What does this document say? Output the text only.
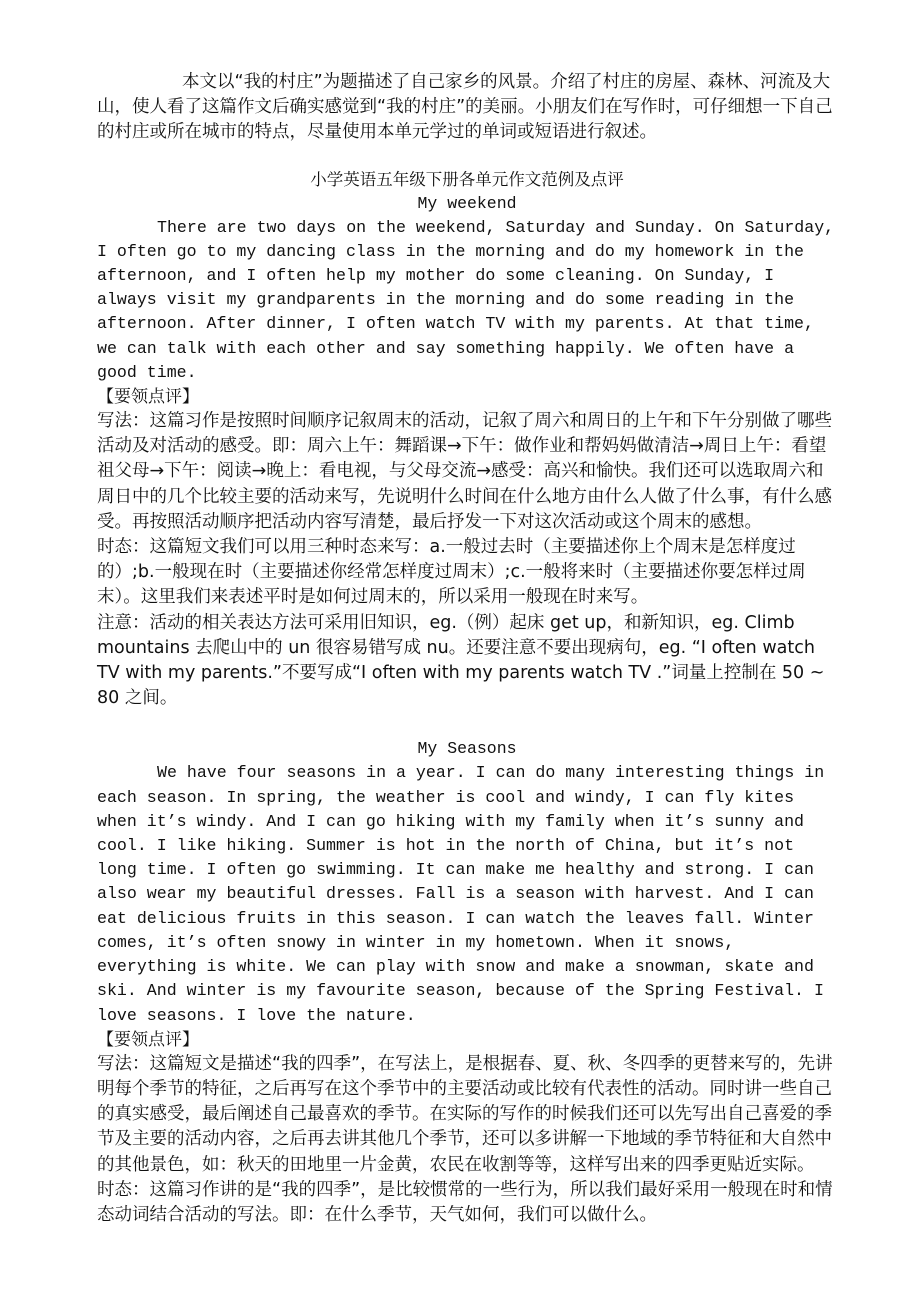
本文以“我的村庄”为题描述了自己家乡的风景。介绍了村庄的房屋、森林、河流及大山，使人看了这篇作文后确实感觉到“我的村庄”的美丽。小朋友们在写作时，可仔细想一下自己的村庄或所在城市的特点，尽量使用本单元学过的单词或短语进行叙述。

小学英语五年级下册各单元作文范例及点评

My weekend

There are two days on the weekend, Saturday and Sunday. On Saturday, I often go to my dancing class in the morning and do my homework in the afternoon, and I often help my mother do some cleaning. On Sunday, I always visit my grandparents in the morning and do some reading in the afternoon. After dinner, I often watch TV with my parents. At that time, we can talk with each other and say something happily. We often have a good time.

【要领点评】

写法：这篇习作是按照时间顺序记叙周末的活动，记叙了周六和周日的上午和下午分别做了哪些活动及对活动的感受。即：周六上午：舞蹈课→下午：做作业和帮妈妈做清洁→周日上午：看望祖父母→下午：阅读→晚上：看电视，与父母交流→感受：高兴和愉快。我们还可以选取周六和周日中的几个比较主要的活动来写，先说明什么时间在什么地方由什么人做了什么事，有什么感受。再按照活动顺序把活动内容写清楚，最后抒发一下对这次活动或这个周末的感想。

时态：这篇短文我们可以用三种时态来写：a.一般过去时（主要描述你上个周末是怎样度过的）;b.一般现在时（主要描述你经常怎样度过周末）;c.一般将来时（主要描述你要怎样过周末）。这里我们来表述平时是如何过周末的，所以采用一般现在时来写。

注意：活动的相关表达方法可采用旧知识，eg.（例）起床 get up，和新知识，eg. Climb mountains 去爬山中的 un 很容易错写成 nu。还要注意不要出现病句，eg. “I often watch TV with my parents.”不要写成“I often with my parents watch TV .”词量上控制在 50 ~ 80 之间。

My Seasons

We have four seasons in a year. I can do many interesting things in each season. In spring, the weather is cool and windy, I can fly kites when it’s windy. And I can go hiking with my family when it’s sunny and cool. I like hiking. Summer is hot in the north of China, but it’s not long time. I often go swimming. It can make me healthy and strong. I can also wear my beautiful dresses. Fall is a season with harvest. And I can eat delicious fruits in this season. I can watch the leaves fall. Winter comes, it’s often snowy in winter in my hometown. When it snows, everything is white. We can play with snow and make a snowman, skate and ski. And winter is my favourite season, because of the Spring Festival. I love seasons. I love the nature.

【要领点评】

写法：这篇短文是描述“我的四季”，在写法上，是根据春、夏、秋、冬四季的更替来写的，先讲明每个季节的特征，之后再写在这个季节中的主要活动或比较有代表性的活动。同时讲一些自己的真实感受，最后阐述自己最喜欢的季节。在实际的写作的时候我们还可以先写出自己喜爱的季节及主要的活动内容，之后再去讲其他几个季节，还可以多讲解一下地域的季节特征和大自然中的其他景色，如：秋天的田地里一片金黄，农民在收割等等，这样写出来的四季更贴近实际。

时态：这篇习作讲的是“我的四季”，是比较惯常的一些行为，所以我们最好采用一般现在时和情态动词结合活动的写法。即：在什么季节，天气如何，我们可以做什么。
